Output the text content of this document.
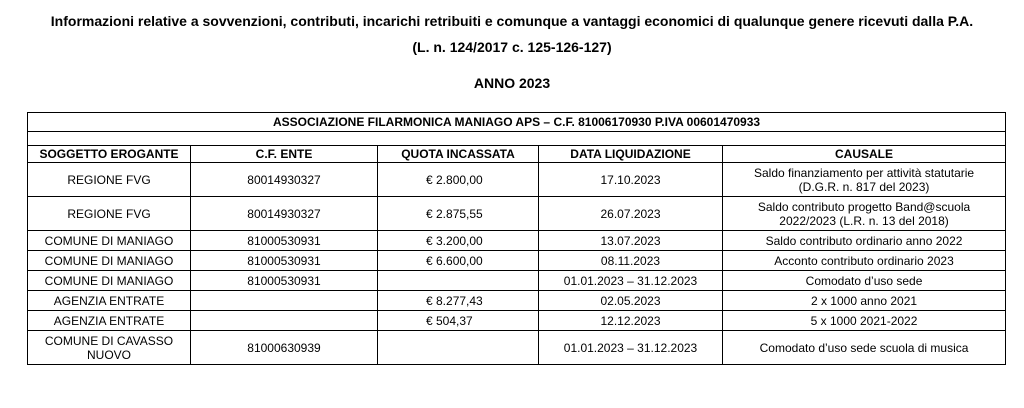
Informazioni relative a sovvenzioni, contributi, incarichi retribuiti e comunque a vantaggi economici di qualunque genere ricevuti dalla P.A.
(L. n. 124/2017 c. 125-126-127)
ANNO 2023
ASSOCIAZIONE FILARMONICA MANIAGO APS – C.F. 81006170930 P.IVA 00601470933				

SOGGETTO EROGANTE	C.F. ENTE	QUOTA INCASSATA	DATA LIQUIDAZIONE	CAUSALE

REGIONE FVG	80014930327	€ 2.800,00	17.10.2023	Saldo finanziamento per attività statutarie
(D.G.R. n. 817 del 2023)

REGIONE FVG	80014930327	€ 2.875,55	26.07.2023	Saldo contributo progetto Band@scuola
2022/2023 (L.R. n. 13 del 2018)

COMUNE DI MANIAGO	81000530931	€ 3.200,00	13.07.2023	Saldo contributo ordinario anno 2022

COMUNE DI MANIAGO	81000530931	€ 6.600,00	08.11.2023	Acconto contributo ordinario 2023

COMUNE DI MANIAGO	81000530931		01.01.2023 – 31.12.2023	Comodato d’uso sede

AGENZIA ENTRATE		€ 8.277,43	02.05.2023	2 x 1000 anno 2021

AGENZIA ENTRATE		€ 504,37	12.12.2023	5 x 1000 2021-2022

COMUNE DI CAVASSO
NUOVO	81000630939		01.01.2023 – 31.12.2023	Comodato d’uso sede scuola di musica
